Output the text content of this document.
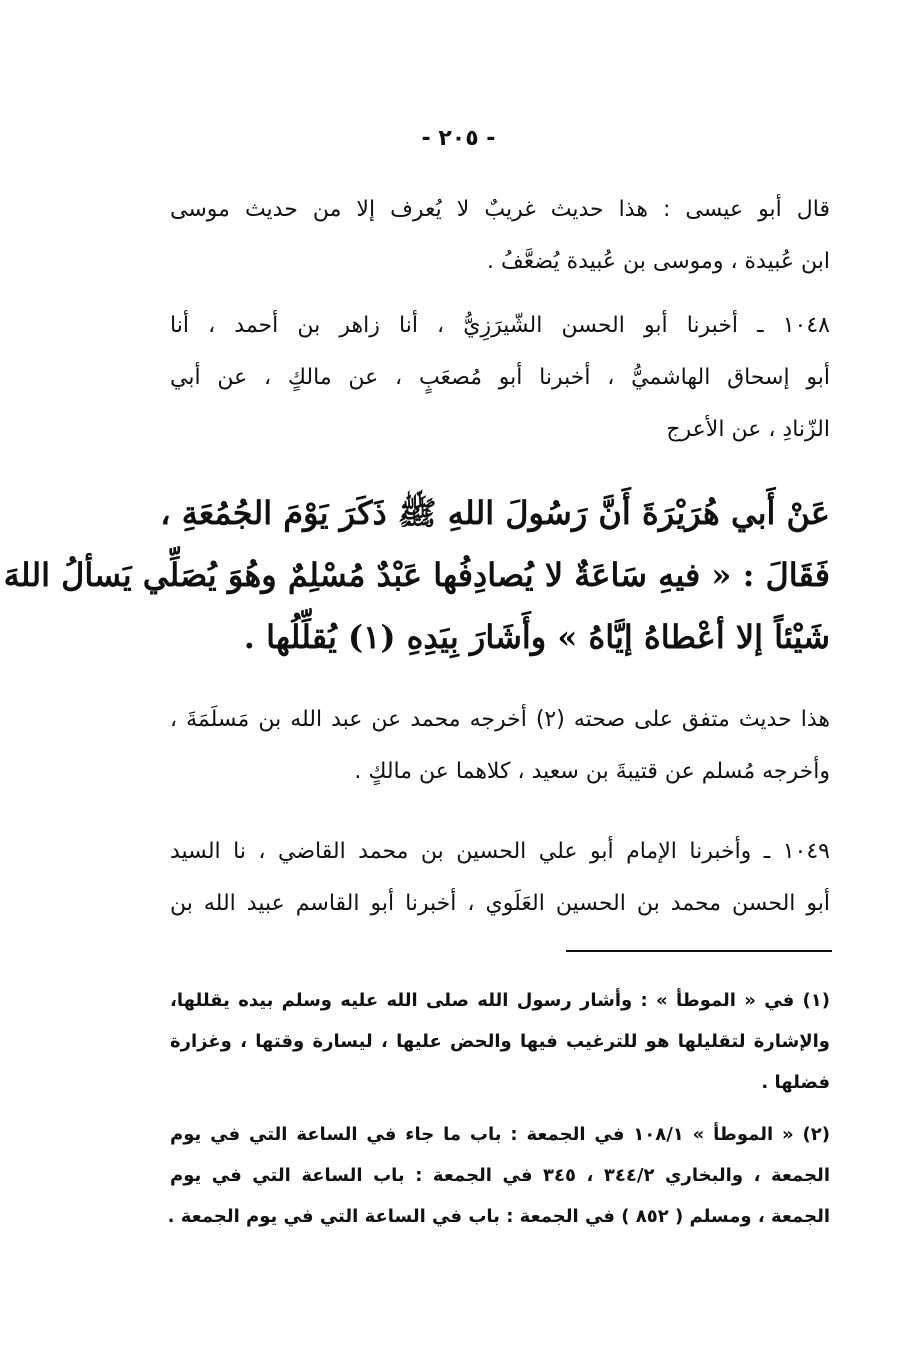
- ٢٠٥ -
قال أبو عيسى : هذا حديث غريبٌ لا يُعرف إلا من حديث موسى
ابن عُبيدة ، وموسى بن عُبيدة يُضعَّفُ .
١٠٤٨ ـ أخبرنا أبو الحسن الشّيرَزِيُّ ، أنا زاهر بن أحمد ، أنا
أبو إسحاق الهاشميُّ ، أخبرنا أبو مُصعَبٍ ، عن مالكٍ ، عن أبي
الزّنادِ ، عن الأعرج
عَنْ أَبي هُرَيْرَةَ أَنَّ رَسُولَ اللهِ ﷺ ذَكَرَ يَوْمَ الجُمُعَةِ ،
فَقَالَ : « فيهِ سَاعَةٌ لا يُصادِفُها عَبْدٌ مُسْلِمٌ وهُوَ يُصَلِّي يَسألُ اللهَ
شَيْئاً إلا أعْطاهُ إيَّاهُ » وأَشَارَ بِيَدِهِ (١) يُقلِّلُها .
هذا حديث متفق على صحته (٢) أخرجه محمد عن عبد الله بن مَسلَمَةَ ،
وأخرجه مُسلم عن قتيبةَ بن سعيد ، كلاهما عن مالكٍ .
١٠٤٩ ـ وأخبرنا الإمام أبو علي الحسين بن محمد القاضي ، نا السيد
أبو الحسن محمد بن الحسين العَلَوي ، أخبرنا أبو القاسم عبيد الله بن
(١) في « الموطأ » : وأشار رسول الله صلى الله عليه وسلم بيده يقللها،
والإشارة لتقليلها هو للترغيب فيها والحض عليها ، ليسارة وقتها ، وغزارة
فضلها .
(٢) « الموطأ » ١٠٨/١ في الجمعة : باب ما جاء في الساعة التي في يوم
الجمعة ، والبخاري ٣٤٤/٢ ، ٣٤٥ في الجمعة : باب الساعة التي في يوم
الجمعة ، ومسلم ( ٨٥٢ ) في الجمعة : باب في الساعة التي في يوم الجمعة .
